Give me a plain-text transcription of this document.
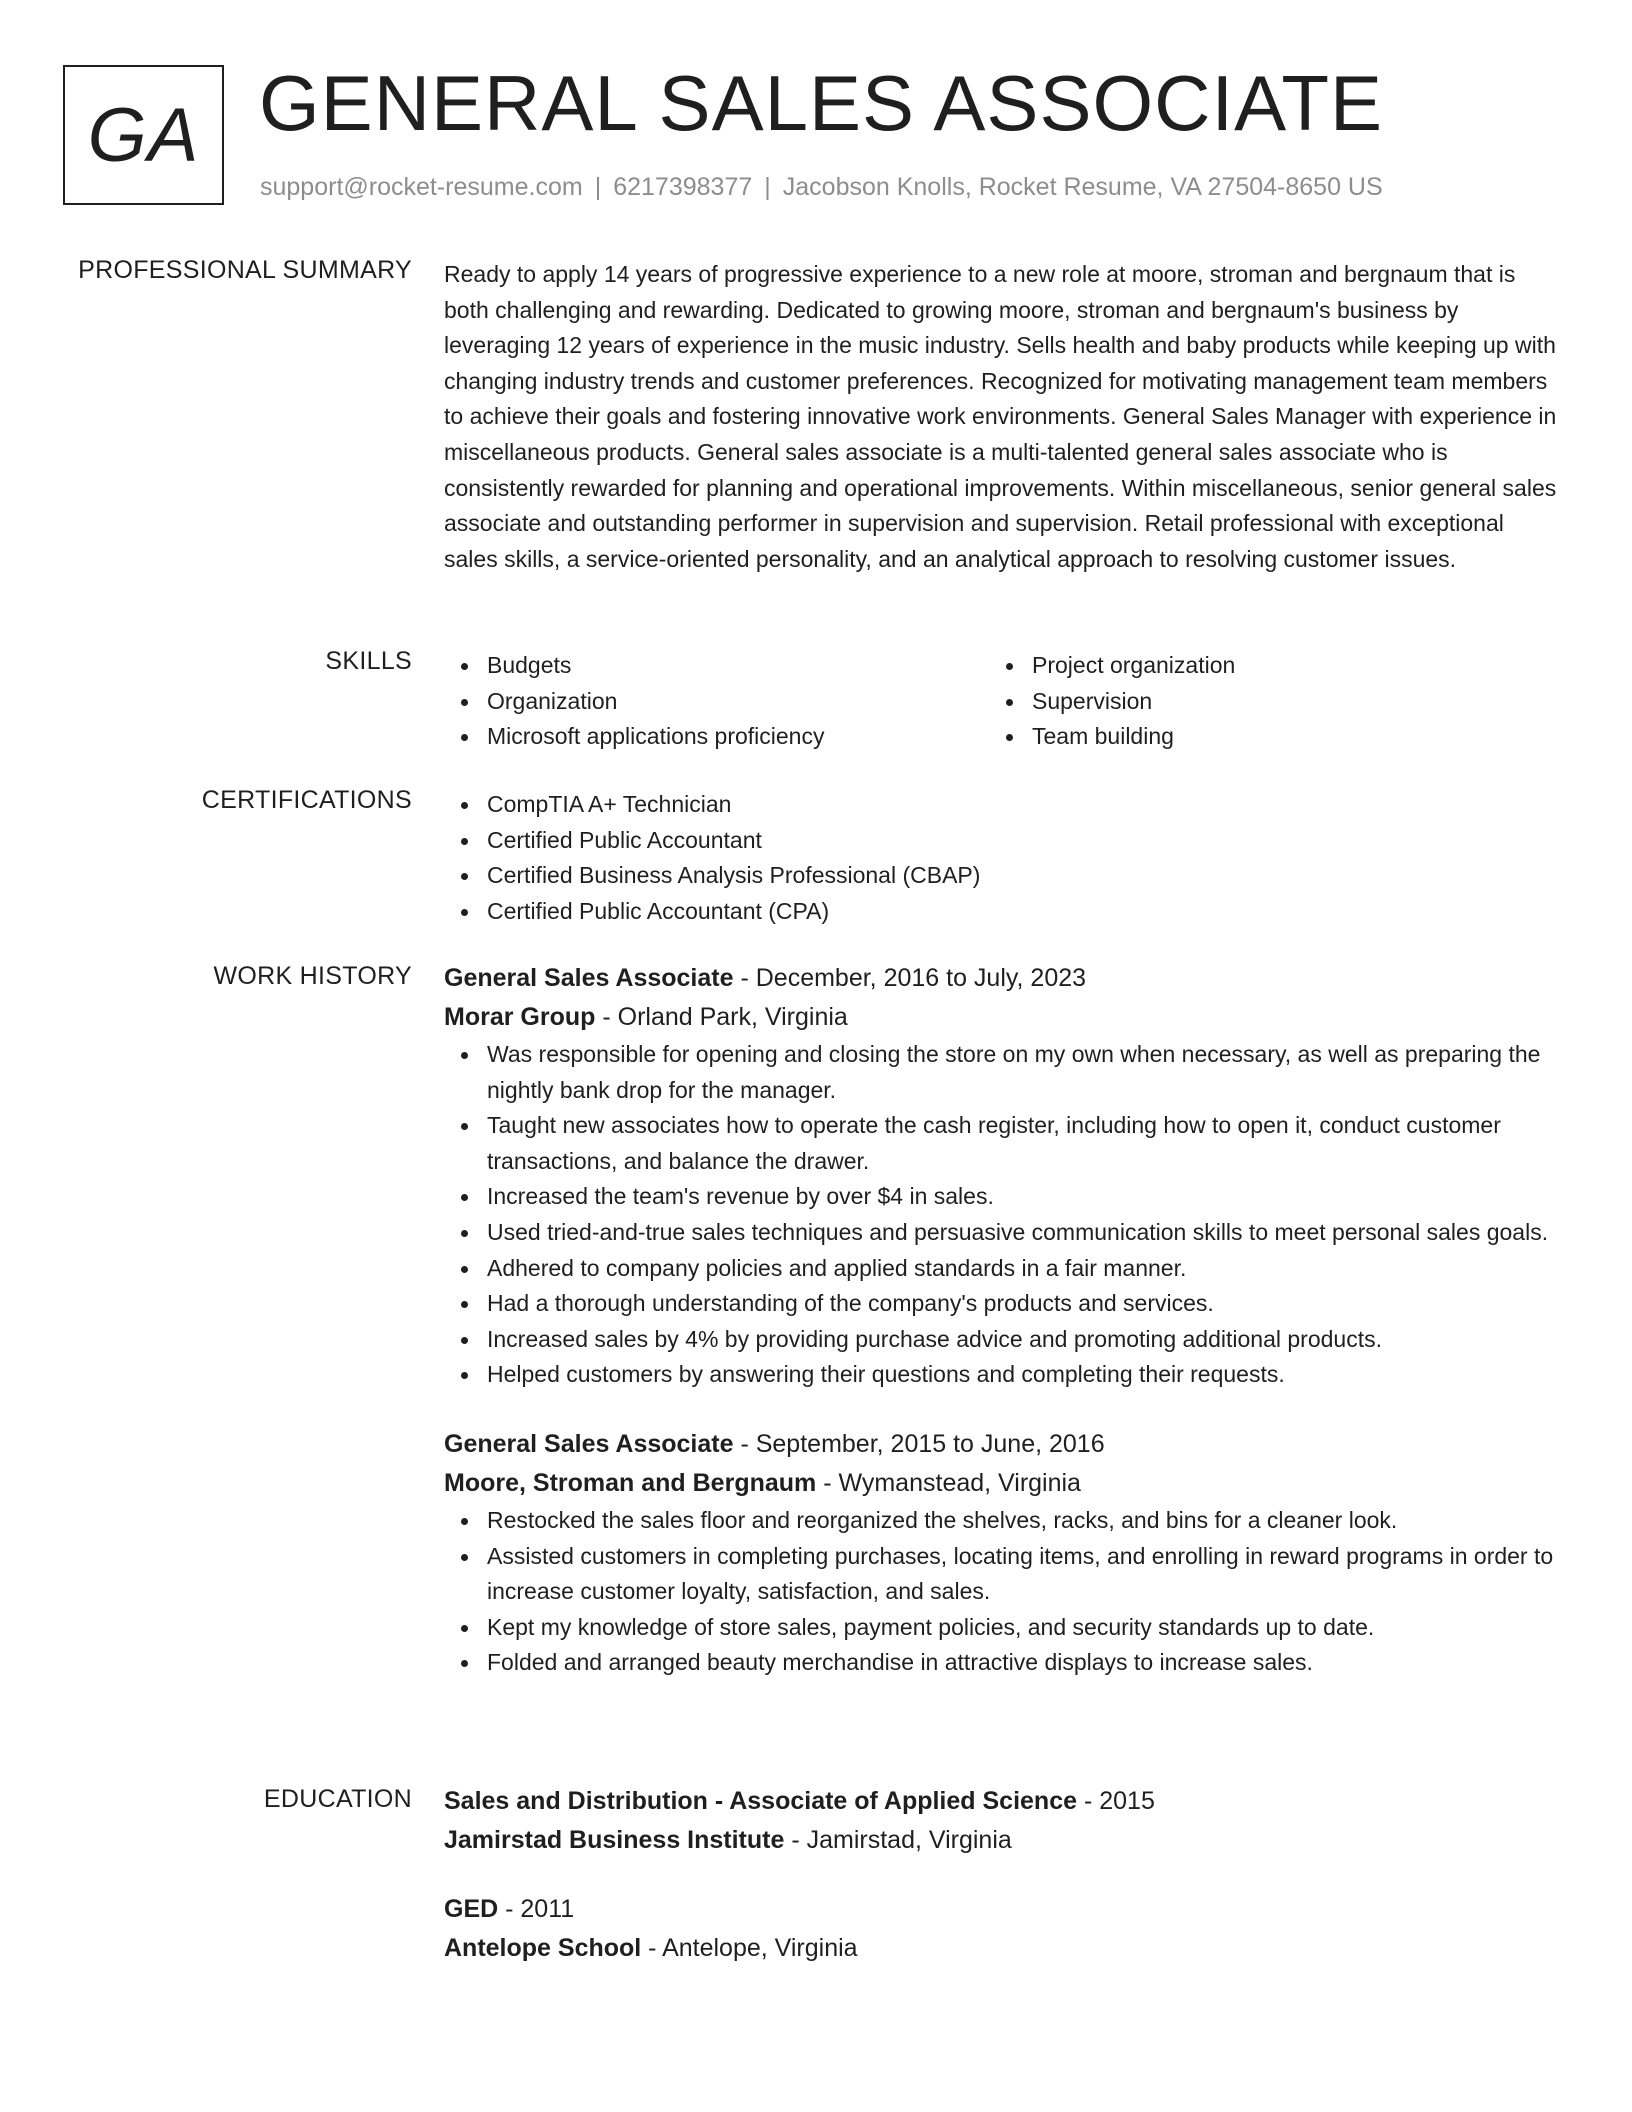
GA GENERAL SALES ASSOCIATE
support@rocket-resume.com | 6217398377 | Jacobson Knolls, Rocket Resume, VA 27504-8650 US
PROFESSIONAL SUMMARY Ready to apply 14 years of progressive experience to a new role at moore, stroman and bergnaum that is both challenging and rewarding. Dedicated to growing moore, stroman and bergnaum's business by leveraging 12 years of experience in the music industry. Sells health and baby products while keeping up with changing industry trends and customer preferences. Recognized for motivating management team members to achieve their goals and fostering innovative work environments. General Sales Manager with experience in miscellaneous products. General sales associate is a multi-talented general sales associate who is consistently rewarded for planning and operational improvements. Within miscellaneous, senior general sales associate and outstanding performer in supervision and supervision. Retail professional with exceptional sales skills, a service-oriented personality, and an analytical approach to resolving customer issues.
SKILLS	Budgets
Organization
Microsoft applications proficiency
Project organization
Supervision
Team building
CERTIFICATIONS	CompTIA A+ Technician
Certified Public Accountant
Certified Business Analysis Professional (CBAP)
Certified Public Accountant (CPA)
WORK HISTORY General Sales Associate - December, 2016 to July, 2023
Morar Group - Orland Park, Virginia
Was responsible for opening and closing the store on my own when necessary, as well as preparing the nightly bank drop for the manager.
Taught new associates how to operate the cash register, including how to open it, conduct customer transactions, and balance the drawer.
Increased the team's revenue by over $4 in sales.
Used tried-and-true sales techniques and persuasive communication skills to meet personal sales goals.
Adhered to company policies and applied standards in a fair manner.
Had a thorough understanding of the company's products and services.
Increased sales by 4% by providing purchase advice and promoting additional products.
Helped customers by answering their questions and completing their requests.
General Sales Associate - September, 2015 to June, 2016
Moore, Stroman and Bergnaum - Wymanstead, Virginia
Restocked the sales floor and reorganized the shelves, racks, and bins for a cleaner look.
Assisted customers in completing purchases, locating items, and enrolling in reward programs in order to increase customer loyalty, satisfaction, and sales.
Kept my knowledge of store sales, payment policies, and security standards up to date.
Folded and arranged beauty merchandise in attractive displays to increase sales.
EDUCATION Sales and Distribution - Associate of Applied Science - 2015
Jamirstad Business Institute - Jamirstad, Virginia
GED - 2011
Antelope School - Antelope, Virginia
